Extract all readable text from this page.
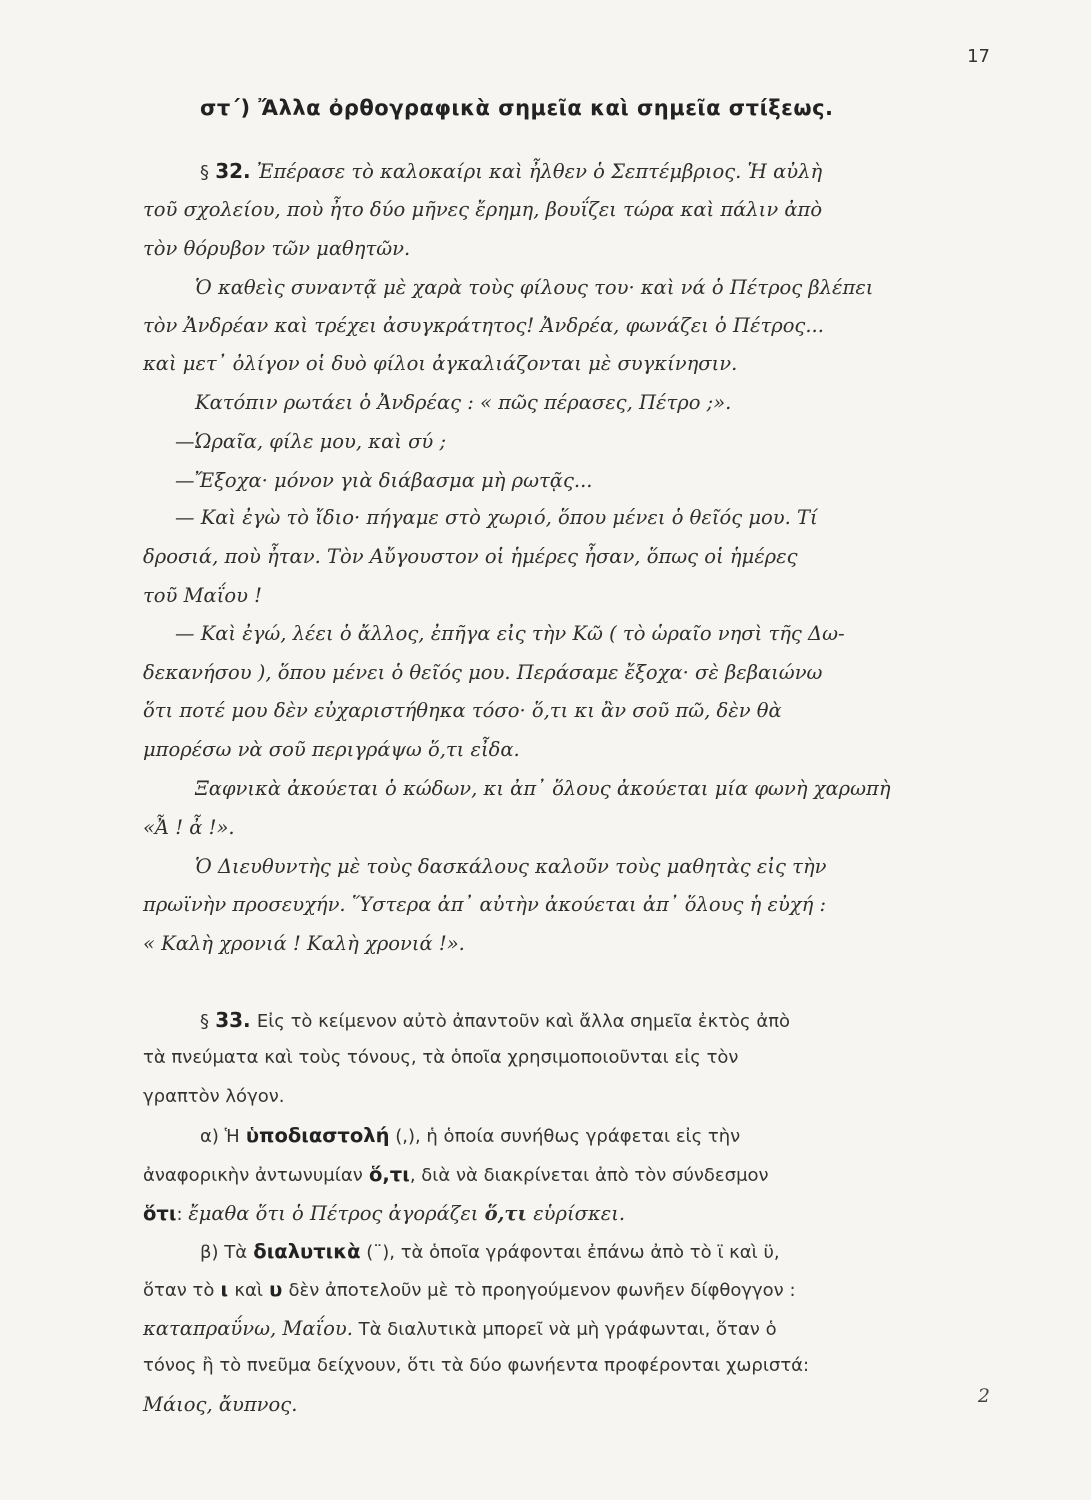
17
στ΄) Ἄλλα ὀρθογραφικὰ σημεῖα καὶ σημεῖα στίξεως.
§ 32. Ἐπέρασε τὸ καλοκαίρι καὶ ἦλθεν ὁ Σεπτέμβριος. Ἡ αὐλὴ
τοῦ σχολείου, ποὺ ἦτο δύο μῆνες ἔρημη, βουΐζει τώρα καὶ πάλιν ἀπὸ
τὸν θόρυβον τῶν μαθητῶν.
Ὁ καθεὶς συναντᾷ μὲ χαρὰ τοὺς φίλους του· καὶ νά ὁ Πέτρος βλέπει
τὸν Ἀνδρέαν καὶ τρέχει ἀσυγκράτητος! Ἀνδρέα, φωνάζει ὁ Πέτρος...
καὶ μετ᾽ ὀλίγον οἱ δυὸ φίλοι ἀγκαλιάζονται μὲ συγκίνησιν.
Κατόπιν ρωτάει ὁ Ἀνδρέας : « πῶς πέρασες, Πέτρο ;».
—Ὡραῖα, φίλε μου, καὶ σύ ;
—Ἔξοχα· μόνον γιὰ διάβασμα μὴ ρωτᾷς...
— Καὶ ἐγὼ τὸ ἴδιο· πήγαμε στὸ χωριό, ὅπου μένει ὁ θεῖός μου. Τί
δροσιά, ποὺ ἦταν. Τὸν Αὔγουστον οἱ ἡμέρες ἦσαν, ὅπως οἱ ἡμέρες
τοῦ Μαΐου !
— Καὶ ἐγώ, λέει ὁ ἄλλος, ἐπῆγα εἰς τὴν Κῶ ( τὸ ὡραῖο νησὶ τῆς Δω-
δεκανήσου ), ὅπου μένει ὁ θεῖός μου. Περάσαμε ἔξοχα· σὲ βεβαιώνω
ὅτι ποτέ μου δὲν εὐχαριστήθηκα τόσο· ὅ,τι κι ἂν σοῦ πῶ, δὲν θὰ
μπορέσω νὰ σοῦ περιγράψω ὅ,τι εἶδα.
Ξαφνικὰ ἀκούεται ὁ κώδων, κι ἀπ᾽ ὅλους ἀκούεται μία φωνὴ χαρωπὴ
«Ἆ ! ἆ !».
Ὁ Διευθυντὴς μὲ τοὺς δασκάλους καλοῦν τοὺς μαθητὰς εἰς τὴν
πρωϊνὴν προσευχήν. Ὕστερα ἀπ᾽ αὐτὴν ἀκούεται ἀπ᾽ ὅλους ἡ εὐχή :
« Καλὴ χρονιά ! Καλὴ χρονιά !».
§ 33. Εἰς τὸ κείμενον αὐτὸ ἀπαντοῦν καὶ ἄλλα σημεῖα ἐκτὸς ἀπὸ
τὰ πνεύματα καὶ τοὺς τόνους, τὰ ὁποῖα χρησιμοποιοῦνται εἰς τὸν
γραπτὸν λόγον.
α) Ἡ ὑποδιαστολή (,), ἡ ὁποία συνήθως γράφεται εἰς τὴν
ἀναφορικὴν ἀντωνυμίαν ὅ,τι, διὰ νὰ διακρίνεται ἀπὸ τὸν σύνδεσμον
ὅτι: ἔμαθα ὅτι ὁ Πέτρος ἀγοράζει ὅ,τι εὑρίσκει.
β) Τὰ διαλυτικὰ (¨), τὰ ὁποῖα γράφονται ἐπάνω ἀπὸ τὸ ϊ καὶ ϋ,
ὅταν τὸ ι καὶ υ δὲν ἀποτελοῦν μὲ τὸ προηγούμενον φωνῆεν δίφθογγον :
καταπραΰνω, Μαΐου. Τὰ διαλυτικὰ μπορεῖ νὰ μὴ γράφωνται, ὅταν ὁ
τόνος ἢ τὸ πνεῦμα δείχνουν, ὅτι τὰ δύο φωνήεντα προφέρονται χωριστά:
Μάιος, ἄυπνος.	2
